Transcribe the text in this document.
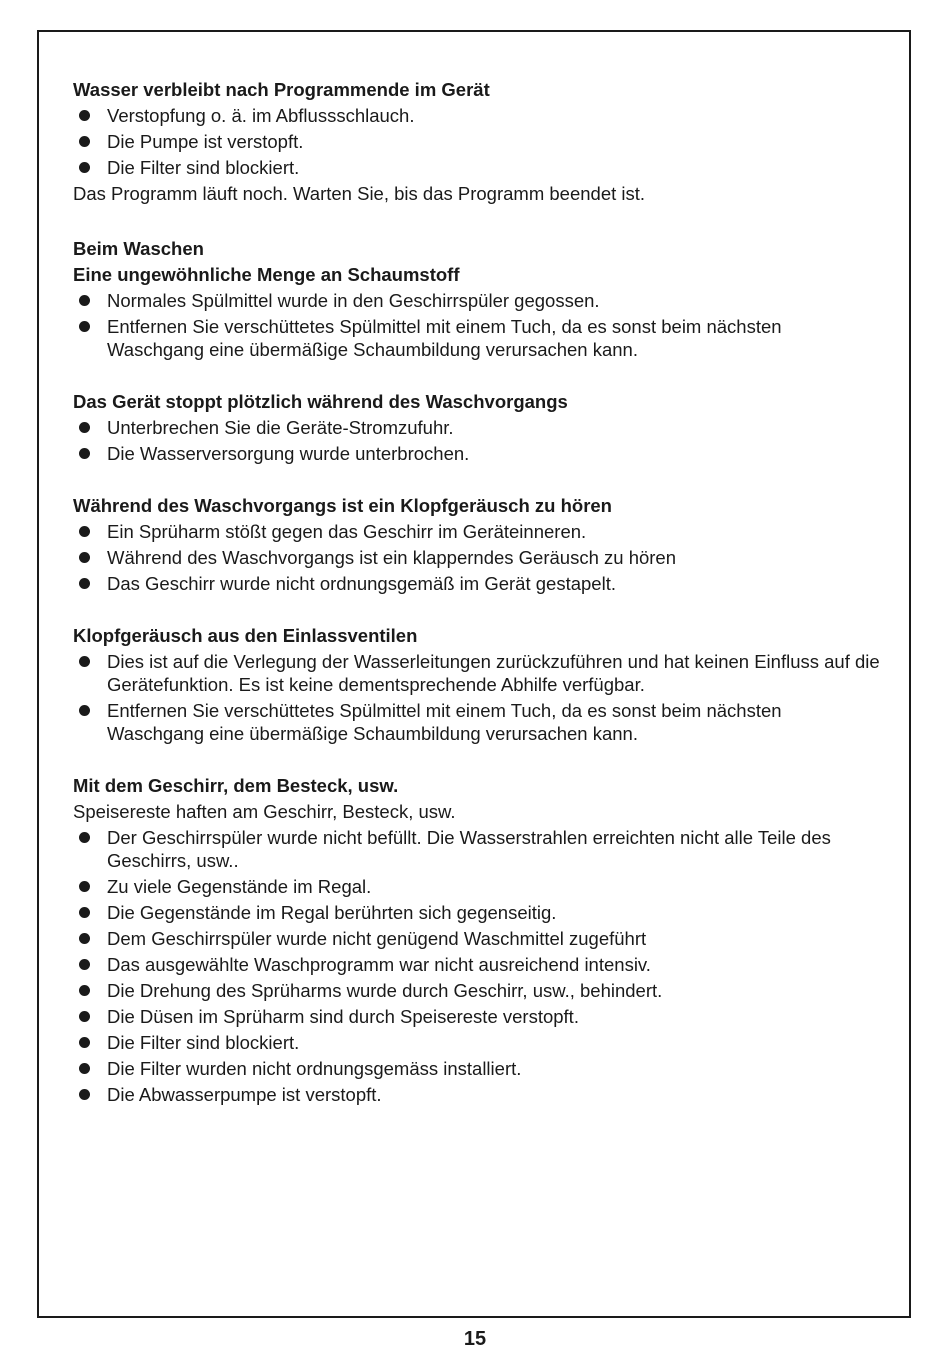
Wasser verbleibt nach Programmende im Gerät

Verstopfung o. ä. im Abflussschlauch.
Die Pumpe ist verstopft.
Die Filter sind blockiert.

Das Programm läuft noch. Warten Sie, bis das Programm beendet ist.

Beim Waschen

Eine ungewöhnliche Menge an Schaumstoff

Normales Spülmittel wurde in den Geschirrspüler gegossen.
Entfernen Sie verschüttetes Spülmittel mit einem Tuch, da es sonst beim nächsten Waschgang eine übermäßige Schaumbildung verursachen kann.

Das Gerät stoppt plötzlich während des Waschvorgangs

Unterbrechen Sie die Geräte-Stromzufuhr.
Die Wasserversorgung wurde unterbrochen.

Während des Waschvorgangs ist ein Klopfgeräusch zu hören

Ein Sprüharm stößt gegen das Geschirr im Geräteinneren.
Während des Waschvorgangs ist ein klapperndes Geräusch zu hören
Das Geschirr wurde nicht ordnungsgemäß im Gerät gestapelt.

Klopfgeräusch aus den Einlassventilen

Dies ist auf die Verlegung der Wasserleitungen zurückzuführen und hat keinen Einfluss auf die Gerätefunktion. Es ist keine dementsprechende Abhilfe verfügbar.
Entfernen Sie verschüttetes Spülmittel mit einem Tuch, da es sonst beim nächsten Waschgang eine übermäßige Schaumbildung verursachen kann.

Mit dem Geschirr, dem Besteck, usw.

Speisereste haften am Geschirr, Besteck, usw.

Der Geschirrspüler wurde nicht befüllt. Die Wasserstrahlen erreichten nicht alle Teile des Geschirrs, usw..
Zu viele Gegenstände im Regal.
Die Gegenstände im Regal berührten sich gegenseitig.
Dem Geschirrspüler wurde nicht genügend Waschmittel zugeführt
Das ausgewählte Waschprogramm war nicht ausreichend intensiv.
Die Drehung des Sprüharms wurde durch Geschirr, usw., behindert.
Die Düsen im Sprüharm sind durch Speisereste verstopft.
Die Filter sind blockiert.
Die Filter wurden nicht ordnungsgemäss installiert.
Die Abwasserpumpe ist verstopft.
15
